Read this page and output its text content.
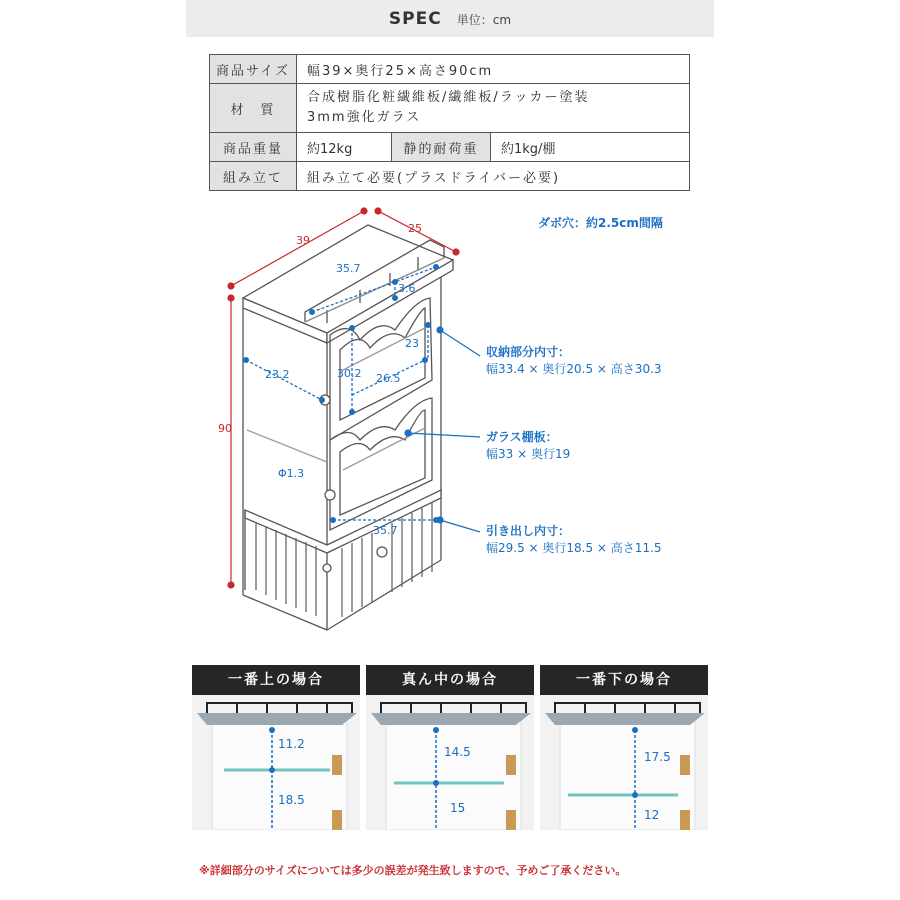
SPEC 単位：cm
商品サイズ	幅39×奥行25×高さ90cm		
材　質	合成樹脂化粧繊維板/繊維板/ラッカー塗装
3mm強化ガラス		

商品重量	約12kg	静的耐荷重	約1kg/棚
組み立て	組み立て必要(プラスドライバー必要)		
39
25
90
35.7
3.6
23.2	30.2 26.5
23
Φ1.3
35.7
ダボ穴：約2.5cm間隔
収納部分内寸：
幅33.4 × 奥行20.5 × 高さ30.3
ガラス棚板：
幅33 × 奥行19
引き出し内寸：
幅29.5 × 奥行18.5 × 高さ11.5
一番上の場合
11.2
18.5
真ん中の場合
14.5
15
一番下の場合
17.5
12
※詳細部分のサイズについては多少の誤差が発生致しますので、予めご了承ください。
